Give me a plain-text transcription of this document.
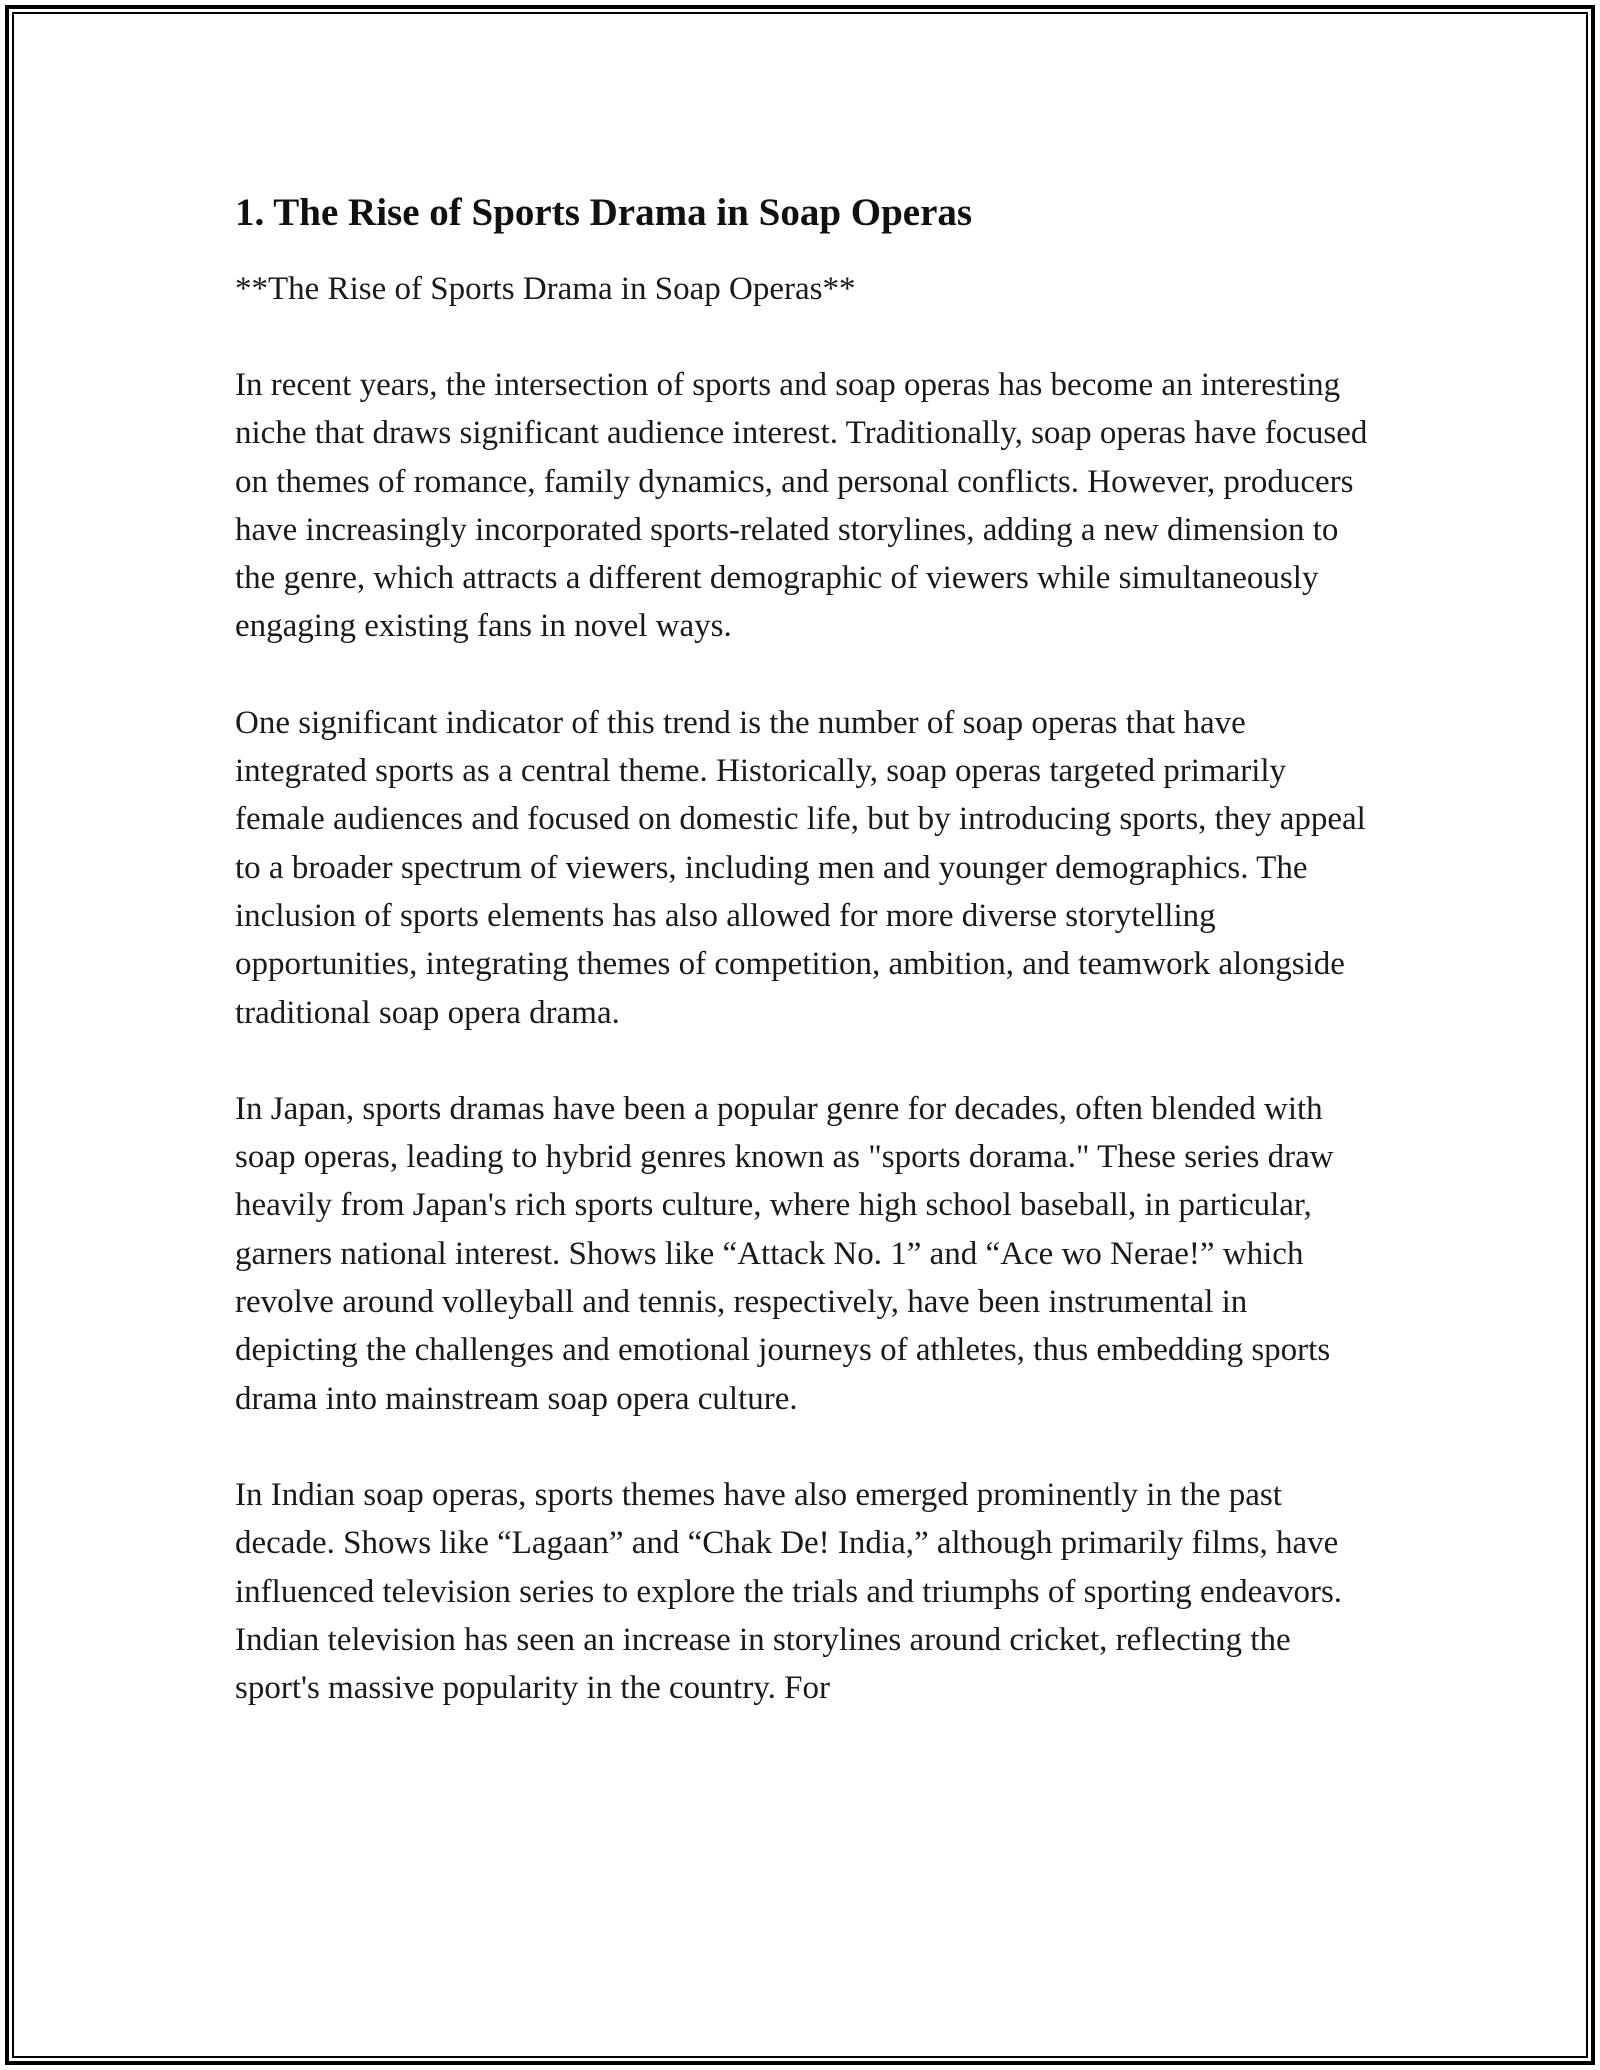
1. The Rise of Sports Drama in Soap Operas

**The Rise of Sports Drama in Soap Operas**

In recent years, the intersection of sports and soap operas has become an interesting niche that draws significant audience interest. Traditionally, soap operas have focused on themes of romance, family dynamics, and personal conflicts. However, producers have increasingly incorporated sports-related storylines, adding a new dimension to the genre, which attracts a different demographic of viewers while simultaneously engaging existing fans in novel ways.

One significant indicator of this trend is the number of soap operas that have integrated sports as a central theme. Historically, soap operas targeted primarily female audiences and focused on domestic life, but by introducing sports, they appeal to a broader spectrum of viewers, including men and younger demographics. The inclusion of sports elements has also allowed for more diverse storytelling opportunities, integrating themes of competition, ambition, and teamwork alongside traditional soap opera drama.

In Japan, sports dramas have been a popular genre for decades, often blended with soap operas, leading to hybrid genres known as "sports dorama." These series draw heavily from Japan's rich sports culture, where high school baseball, in particular, garners national interest. Shows like “Attack No. 1” and “Ace wo Nerae!” which revolve around volleyball and tennis, respectively, have been instrumental in depicting the challenges and emotional journeys of athletes, thus embedding sports drama into mainstream soap opera culture.

In Indian soap operas, sports themes have also emerged prominently in the past decade. Shows like “Lagaan” and “Chak De! India,” although primarily films, have influenced television series to explore the trials and triumphs of sporting endeavors. Indian television has seen an increase in storylines around cricket, reflecting the sport's massive popularity in the country. For
